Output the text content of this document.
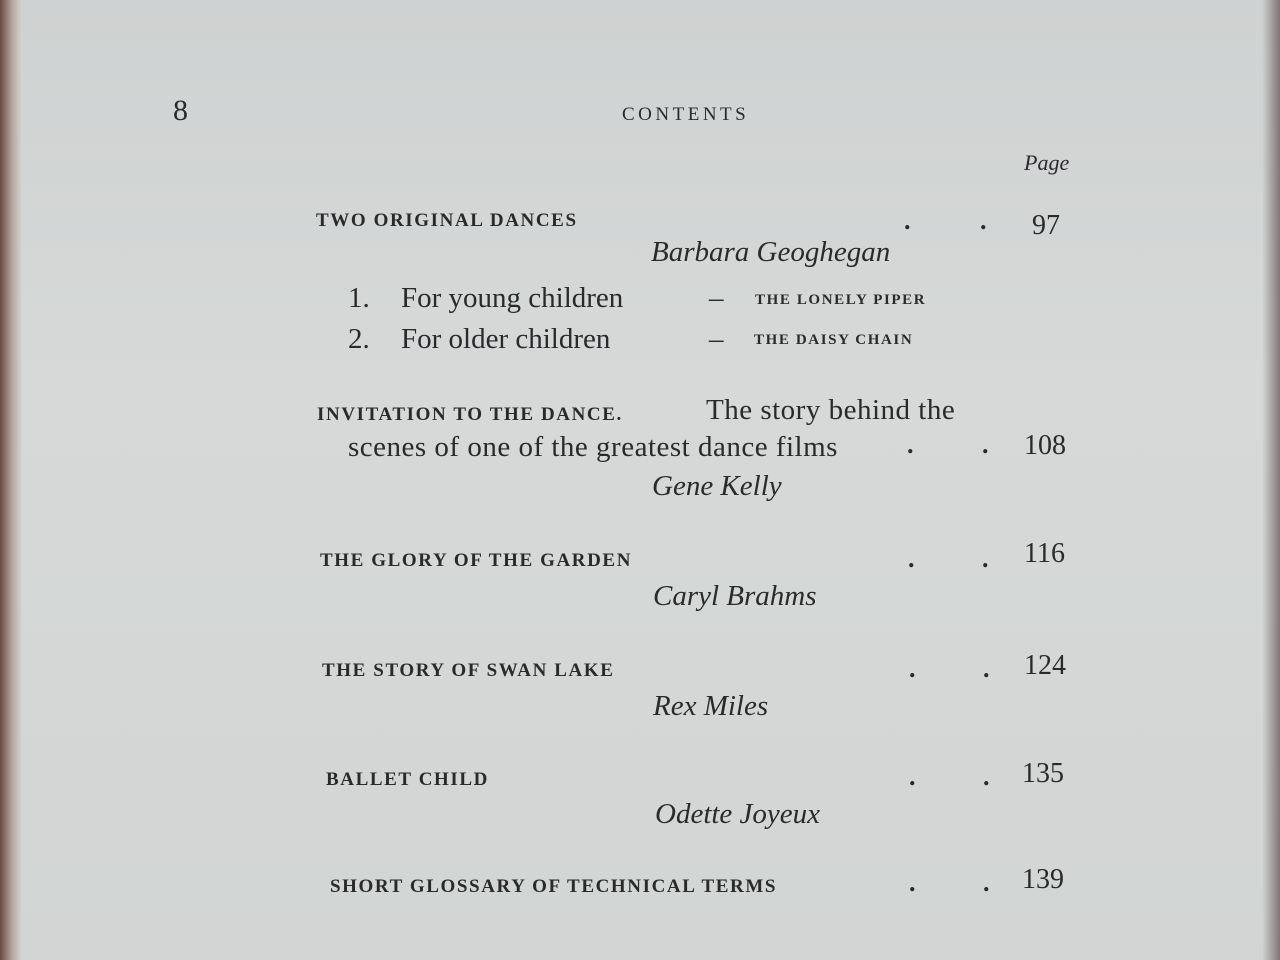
8	CONTENTS
Page
TWO ORIGINAL DANCES	.	. 97
Barbara Geoghegan
1. For young children	– THE LONELY PIPER
2. For older children	– THE DAISY CHAIN
INVITATION TO THE DANCE.	The story behind the
scenes of one of the greatest dance films	.	. 108
Gene Kelly
THE GLORY OF THE GARDEN	.	. 116
Caryl Brahms
THE STORY OF SWAN LAKE	.	. 124
Rex Miles
BALLET CHILD	.	. 135
Odette Joyeux
SHORT GLOSSARY OF TECHNICAL TERMS	.	. 139
